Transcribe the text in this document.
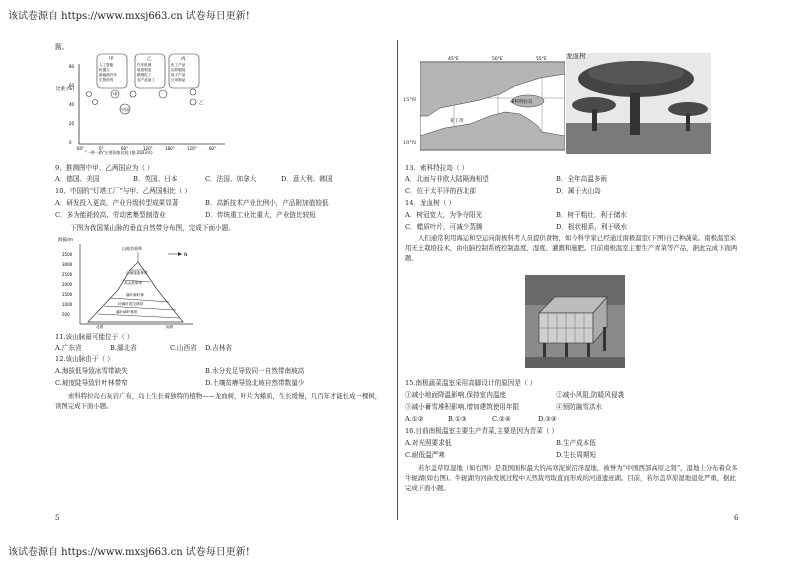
该试卷源自 https://www.mxsj663.cn 试卷每日更新!
题。
甲
人工智能
机器人
新能源汽车
生物医药
乙
汽车机械
装备制造
精细化工
农产品加工
丙
化工产品
纺织服装
电子产品
日用制品
比重 (%)
80
60
40
20
0
60°	0°	60°	120°	180°	120°	60°
甲
中国
乙
"一带一路"主要国家比较 (据 2023年)
9、推测图中甲、乙两国应为（ ）
A．德国、美国	B．英国、日本	C．法国、加拿大	D．意大利、韩国
10、中国的“灯塔工厂”与甲、乙两国相比（ ）
A．研发投入更高，产业升级转型成果显著	B．高新技术产业比例小，产品附加值较低
C．多为能耗较高、劳动密集型制造业	D．传统重工业比重大，产业链比较短
下图为我国某山脉的垂直自然带分布图，完成下面小题。
海拔/m
3500
3000
2500
2000
1500
1000
500
山地苔原带
山地矮曲林带
高山苔原带
落叶阔叶林
针阔叶混交林带
落叶阔叶林带
北坡	南坡
N
11.该山脉最可能位于（ ）
A.广东省	B.湖北省	C.山西省 D.吉林省
12.该山脉由于（ ）
A.海拔低导致冰雪带缺失	B.水分充足导致同一自然带南坡高
C.坡度陡导致针叶林带窄	D.土壤贫瘠导致北坡自然带数量少
索科特拉岛石灰岩广布，岛上生长着独特的植物——龙血树，叶片为蜡质，生长缓慢，几百年才能长成一棵树，读图完成下面小题。
5
45°E	50°E	55°E
索科特拉岛
亚丁湾
15°N
10°N
龙血树
13．索科特拉岛（ ）
A．北面与非欧大陆隔海相望	B．全年高温多雨
C．位于太平洋的西北部	D．属于火山岛
14．龙血树（ ）
A．树冠宽大，为争夺阳光	B．树干粗壮，利于储水
C．蜡质叶片，可减少蒸腾	D．根状根系，利于吸水
人们通常利用海运和空运向南极科考人员提供食物，如今科学家已经通过南极温室(下图)自己种蔬菜。南极温室采用无土栽培技术，由电脑控制系统控制温度、湿度、灌溉和施肥。目前南极温室主要生产青菜等产品，据此完成下面两题。
15.南极蔬菜温室采用高脚设计的原因是（ ）
①减小地面降温影响,保持室内温度	②减小风阻,防暖风侵袭
③减小蓄雪堆积影响,增加建筑使用年限	④预防融雪洪水
A.①②	B.①③	C.②④	D.③④
16.目前南极温室主要生产青菜,主要是因为青菜（ ）
A.对光照要求低	B.生产成本低
C.耐低温严寒	D.生长周期短
若尔盖草原湿地（如右图）是我国面积最大的高寒泥炭沼泽湿地，被誉为“中国西部高原之肾”，湿地上分布着众多牛轭湖(如右图)。牛轭湖为河曲发展过程中天然裁弯取直而形成的河道遗迹湖。目前，若尔盖草原湿地退化严重，据此完成下面小题。
6
该试卷源自 https://www.mxsj663.cn 试卷每日更新!
